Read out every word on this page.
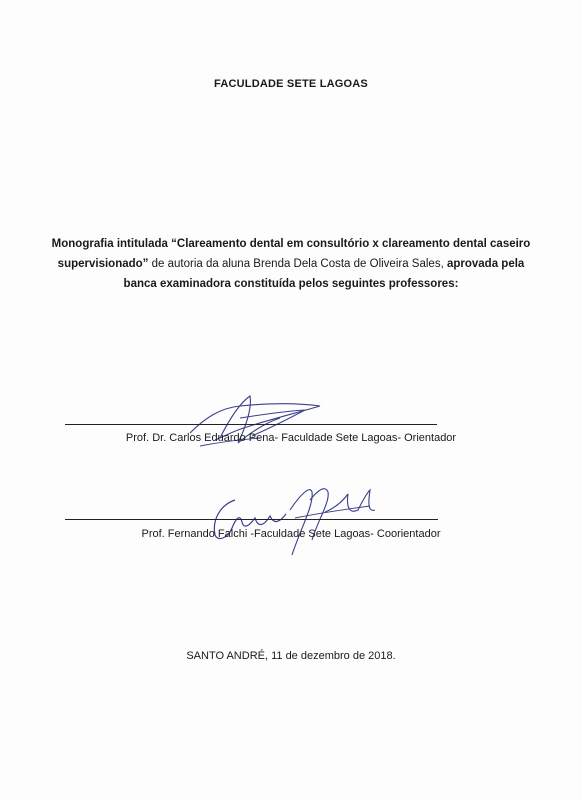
FACULDADE SETE LAGOAS
Monografia intitulada “Clareamento dental em consultório x clareamento dental caseiro supervisionado” de autoria da aluna Brenda Dela Costa de Oliveira Sales, aprovada pela banca examinadora constituída pelos seguintes professores:
Prof. Dr. Carlos Eduardo Pena- Faculdade Sete Lagoas- Orientador
Prof. Fernando Falchi -Faculdade Sete Lagoas- Coorientador
SANTO ANDRÉ, 11 de dezembro de 2018.
